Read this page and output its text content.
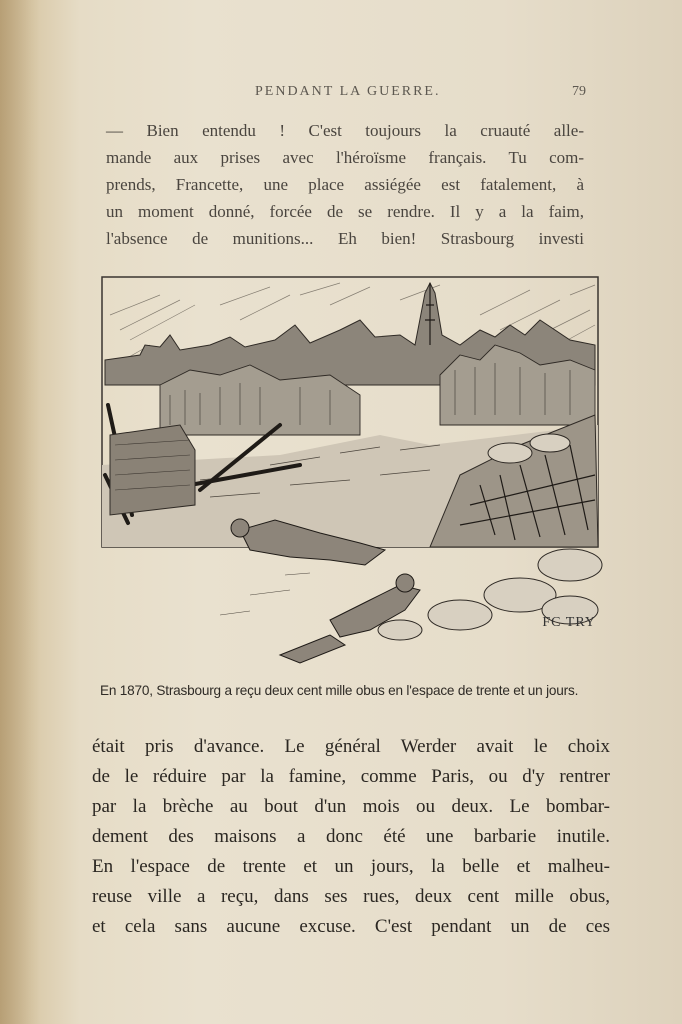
PENDANT LA GUERRE.	79
— Bien entendu ! C'est toujours la cruauté alle-
mande aux prises avec l'héroïsme français. Tu com-
prends, Francette, une place assiégée est fatalement, à
un moment donné, forcée de se rendre. Il y a la faim,
l'absence de munitions... Eh bien! Strasbourg investi
FC TRY
En 1870, Strasbourg a reçu deux cent mille obus en l'espace de trente et un jours.
était pris d'avance. Le général Werder avait le choix
de le réduire par la famine, comme Paris, ou d'y rentrer
par la brèche au bout d'un mois ou deux. Le bombar-
dement des maisons a donc été une barbarie inutile.
En l'espace de trente et un jours, la belle et malheu-
reuse ville a reçu, dans ses rues, deux cent mille obus,
et cela sans aucune excuse. C'est pendant un de ces
